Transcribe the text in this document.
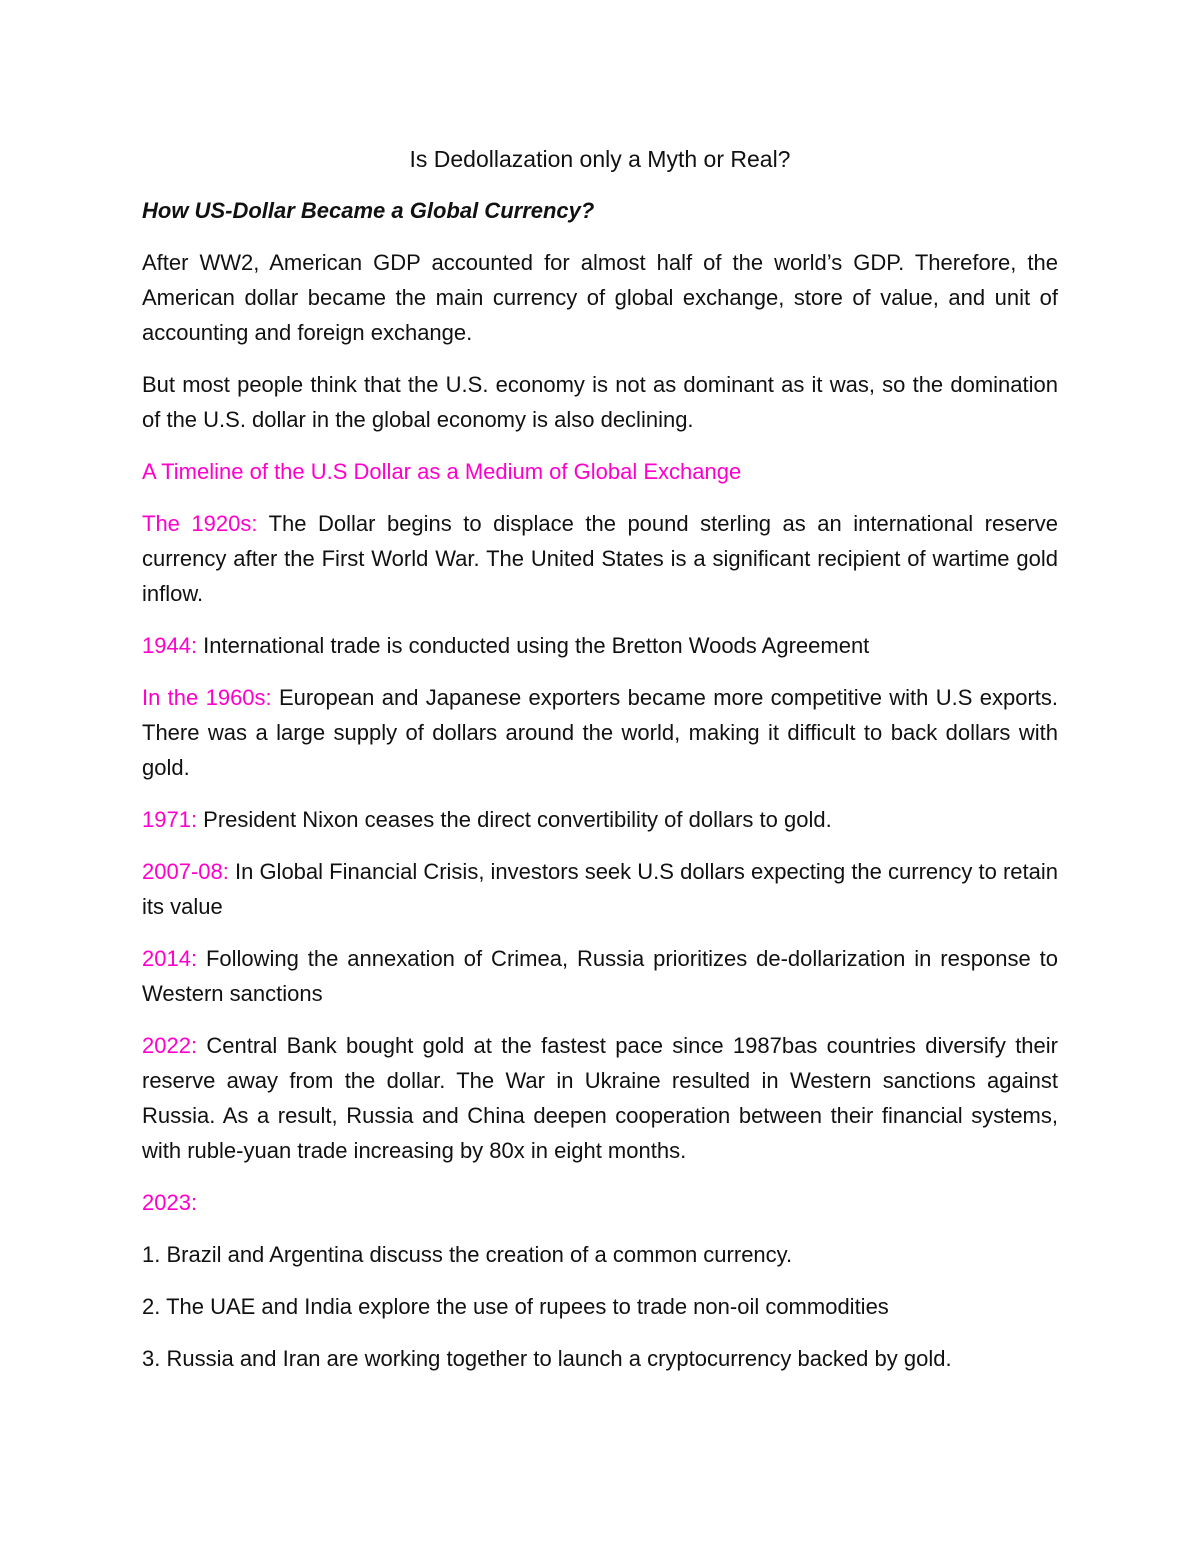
Is Dedollazation only a Myth or Real?

How US-Dollar Became a Global Currency?

After WW2, American GDP accounted for almost half of the world’s GDP. Therefore, the American dollar became the main currency of global exchange, store of value, and unit of accounting and foreign exchange.

But most people think that the U.S. economy is not as dominant as it was, so the domination of the U.S. dollar in the global economy is also declining.

A Timeline of the U.S Dollar as a Medium of Global Exchange

The 1920s: The Dollar begins to displace the pound sterling as an international reserve currency after the First World War. The United States is a significant recipient of wartime gold inflow.

1944: International trade is conducted using the Bretton Woods Agreement

In the 1960s: European and Japanese exporters became more competitive with U.S exports. There was a large supply of dollars around the world, making it difficult to back dollars with gold.

1971: President Nixon ceases the direct convertibility of dollars to gold.

2007-08: In Global Financial Crisis, investors seek U.S dollars expecting the currency to retain its value

2014: Following the annexation of Crimea, Russia prioritizes de-dollarization in response to Western sanctions

2022: Central Bank bought gold at the fastest pace since 1987bas countries diversify their reserve away from the dollar. The War in Ukraine resulted in Western sanctions against Russia. As a result, Russia and China deepen cooperation between their financial systems, with ruble-yuan trade increasing by 80x in eight months.

2023:

1. Brazil and Argentina discuss the creation of a common currency.

2. The UAE and India explore the use of rupees to trade non-oil commodities

3. Russia and Iran are working together to launch a cryptocurrency backed by gold.
